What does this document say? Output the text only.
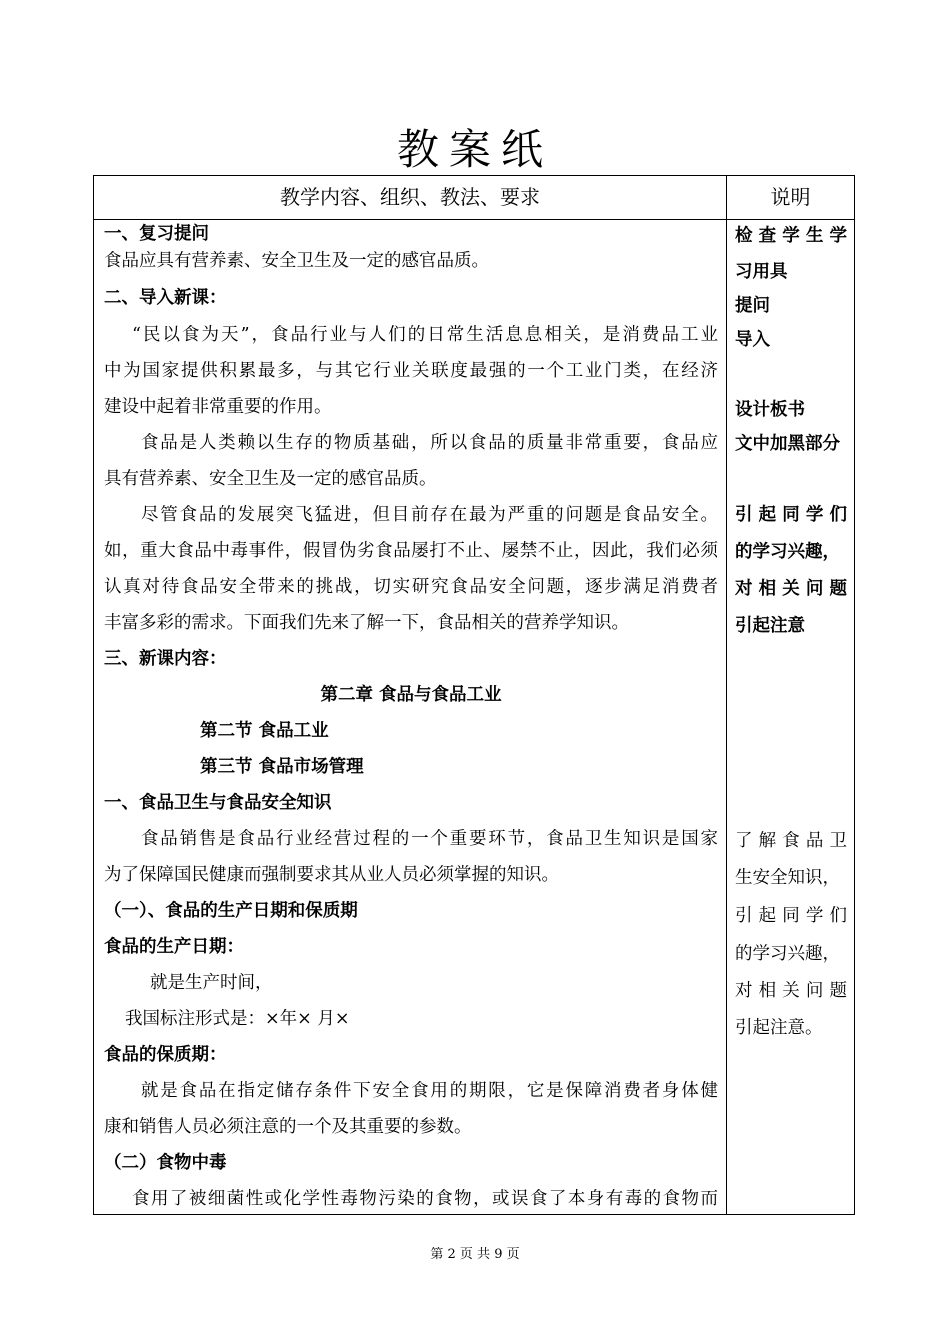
教案纸
教学内容、组织、教法、要求	说明
一、复习提问
食品应具有营养素、安全卫生及一定的感官品质。
二、导入新课：
“民以食为天”，食品行业与人们的日常生活息息相关，是消费品工业
中为国家提供积累最多，与其它行业关联度最强的一个工业门类，在经济
建设中起着非常重要的作用。
食品是人类赖以生存的物质基础，所以食品的质量非常重要，食品应
具有营养素、安全卫生及一定的感官品质。
尽管食品的发展突飞猛进，但目前存在最为严重的问题是食品安全。
如，重大食品中毒事件，假冒伪劣食品屡打不止、屡禁不止，因此，我们必须
认真对待食品安全带来的挑战，切实研究食品安全问题，逐步满足消费者
丰富多彩的需求。下面我们先来了解一下，食品相关的营养学知识。
三、新课内容：
第二章 食品与食品工业
第二节 食品工业
第三节 食品市场管理
一、食品卫生与食品安全知识
食品销售是食品行业经营过程的一个重要环节，食品卫生知识是国家
为了保障国民健康而强制要求其从业人员必须掌握的知识。
（一）、食品的生产日期和保质期
食品的生产日期：
就是生产时间，
我国标注形式是：×年× 月×
食品的保质期：
就是食品在指定储存条件下安全食用的期限，它是保障消费者身体健
康和销售人员必须注意的一个及其重要的参数。
（二）食物中毒
食用了被细菌性或化学性毒物污染的食物，或误食了本身有毒的食物而
检查学生学
习用具
提问
导入
设计板书
文中加黑部分
引起同学们
的学习兴趣，
对相关问题
引起注意
了解食品卫
生安全知识，
引起同学们
的学习兴趣，
对相关问题
引起注意。
第 2 页 共 9 页
